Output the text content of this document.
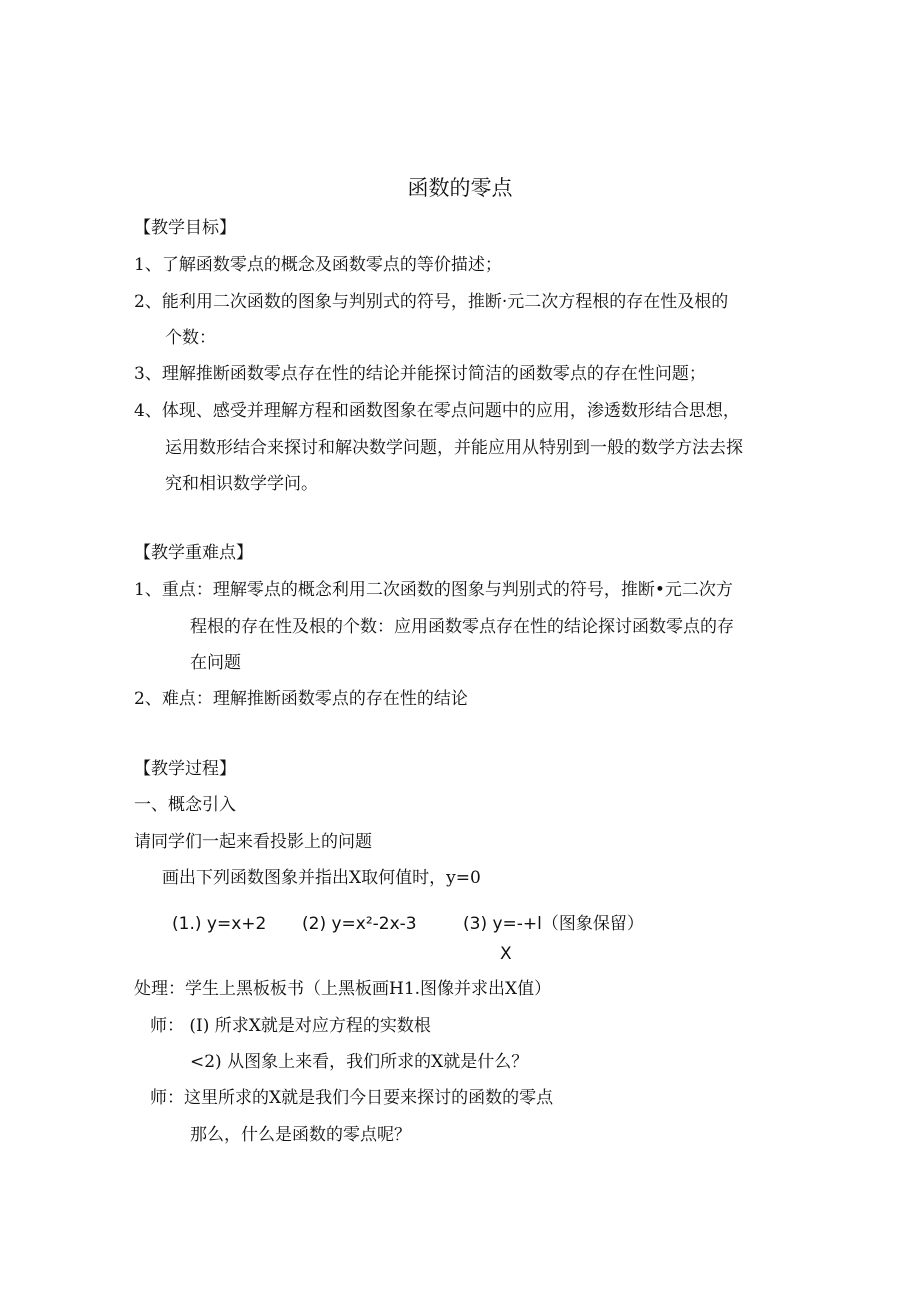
函数的零点
【教学目标】
1、了解函数零点的概念及函数零点的等价描述；
2、能利用二次函数的图象与判别式的符号，推断·元二次方程根的存在性及根的
个数：
3、理解推断函数零点存在性的结论并能探讨简洁的函数零点的存在性问题；
4、体现、感受并理解方程和函数图象在零点问题中的应用，渗透数形结合思想，
运用数形结合来探讨和解决数学问题，并能应用从特别到一般的数学方法去探
究和相识数学学问。
【教学重难点】
1、重点：理解零点的概念利用二次函数的图象与判别式的符号，推断•元二次方
程根的存在性及根的个数：应用函数零点存在性的结论探讨函数零点的存
在问题
2、难点：理解推断函数零点的存在性的结论
【教学过程】
一、概念引入
请同学们一起来看投影上的问题
画出下列函数图象并指出X取何值时，y=0
(1.) y=x+2 (2) y=x²-2x-3	(3) y=-+l（图象保留）
X
处理：学生上黑板板书（上黑板画H1.图像并求出X值）
师： (I) 所求X就是对应方程的实数根
<2) 从图象上来看，我们所求的X就是什么？
师：这里所求的X就是我们今日要来探讨的函数的零点
那么，什么是函数的零点呢？
